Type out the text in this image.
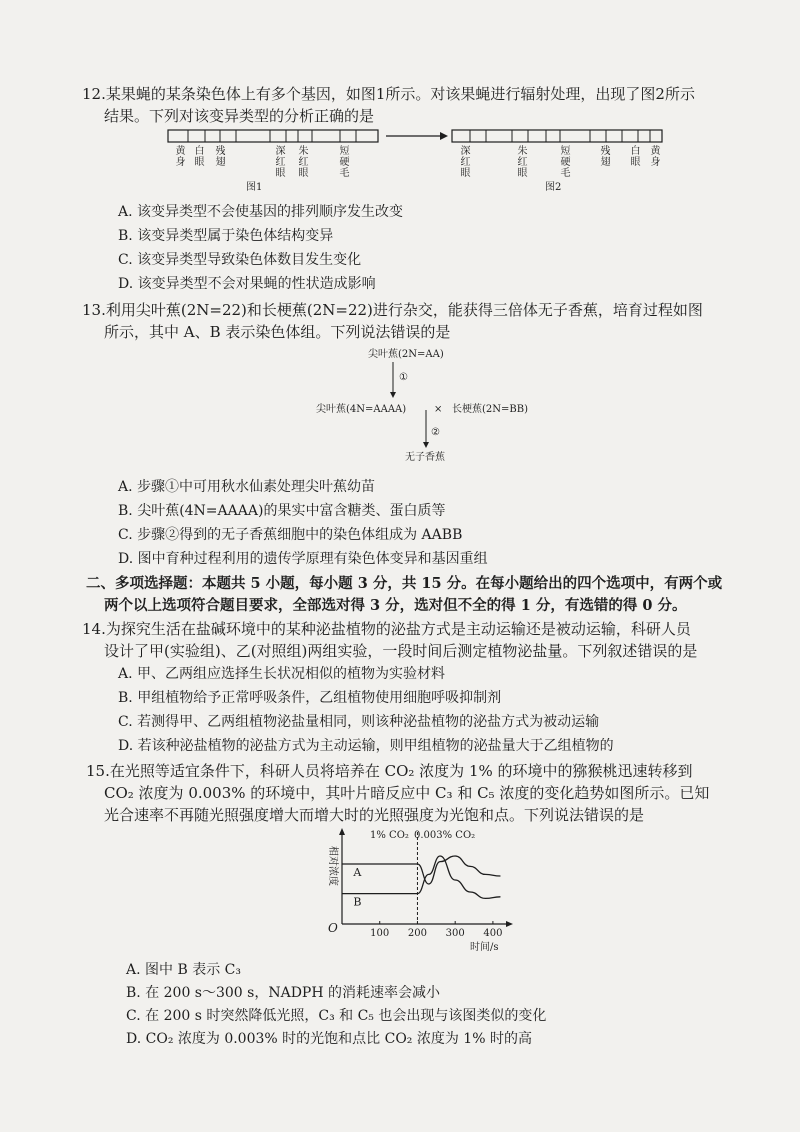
12.某果蝇的某条染色体上有多个基因，如图1所示。对该果蝇进行辐射处理，出现了图2所示
结果。下列对该变异类型的分析正确的是
黄身
白眼
残翅
深红眼
朱红眼
短硬毛
图1
深红眼
朱红眼
短硬毛
残翅
白眼
黄身
图2
A. 该变异类型不会使基因的排列顺序发生改变
B. 该变异类型属于染色体结构变异
C. 该变异类型导致染色体数目发生变化
D. 该变异类型不会对果蝇的性状造成影响
13.利用尖叶蕉(2N=22)和长梗蕉(2N=22)进行杂交，能获得三倍体无子香蕉，培育过程如图
所示，其中 A、B 表示染色体组。下列说法错误的是
尖叶蕉(2N=AA)
①
尖叶蕉(4N=AAAA)	× 长梗蕉(2N=BB)
②
无子香蕉
A. 步骤①中可用秋水仙素处理尖叶蕉幼苗
B. 尖叶蕉(4N=AAAA)的果实中富含糖类、蛋白质等
C. 步骤②得到的无子香蕉细胞中的染色体组成为 AABB
D. 图中育种过程利用的遗传学原理有染色体变异和基因重组
二、多项选择题：本题共 5 小题，每小题 3 分，共 15 分。在每小题给出的四个选项中，有两个或
两个以上选项符合题目要求，全部选对得 3 分，选对但不全的得 1 分，有选错的得 0 分。
14.为探究生活在盐碱环境中的某种泌盐植物的泌盐方式是主动运输还是被动运输，科研人员
设计了甲(实验组)、乙(对照组)两组实验，一段时间后测定植物泌盐量。下列叙述错误的是
A. 甲、乙两组应选择生长状况相似的植物为实验材料
B. 甲组植物给予正常呼吸条件，乙组植物使用细胞呼吸抑制剂
C. 若测得甲、乙两组植物泌盐量相同，则该种泌盐植物的泌盐方式为被动运输
D. 若该种泌盐植物的泌盐方式为主动运输，则甲组植物的泌盐量大于乙组植物的
15.在光照等适宜条件下，科研人员将培养在 CO₂ 浓度为 1% 的环境中的猕猴桃迅速转移到
CO₂ 浓度为 0.003% 的环境中，其叶片暗反应中 C₃ 和 C₅ 浓度的变化趋势如图所示。已知
光合速率不再随光照强度增大而增大时的光照强度为光饱和点。下列说法错误的是
O
相对浓度
时间/s
1% CO₂ 0.003% CO₂
100 200 300 400
A
B
A. 图中 B 表示 C₃
B. 在 200 s～300 s，NADPH 的消耗速率会减小
C. 在 200 s 时突然降低光照，C₃ 和 C₅ 也会出现与该图类似的变化
D. CO₂ 浓度为 0.003% 时的光饱和点比 CO₂ 浓度为 1% 时的高
